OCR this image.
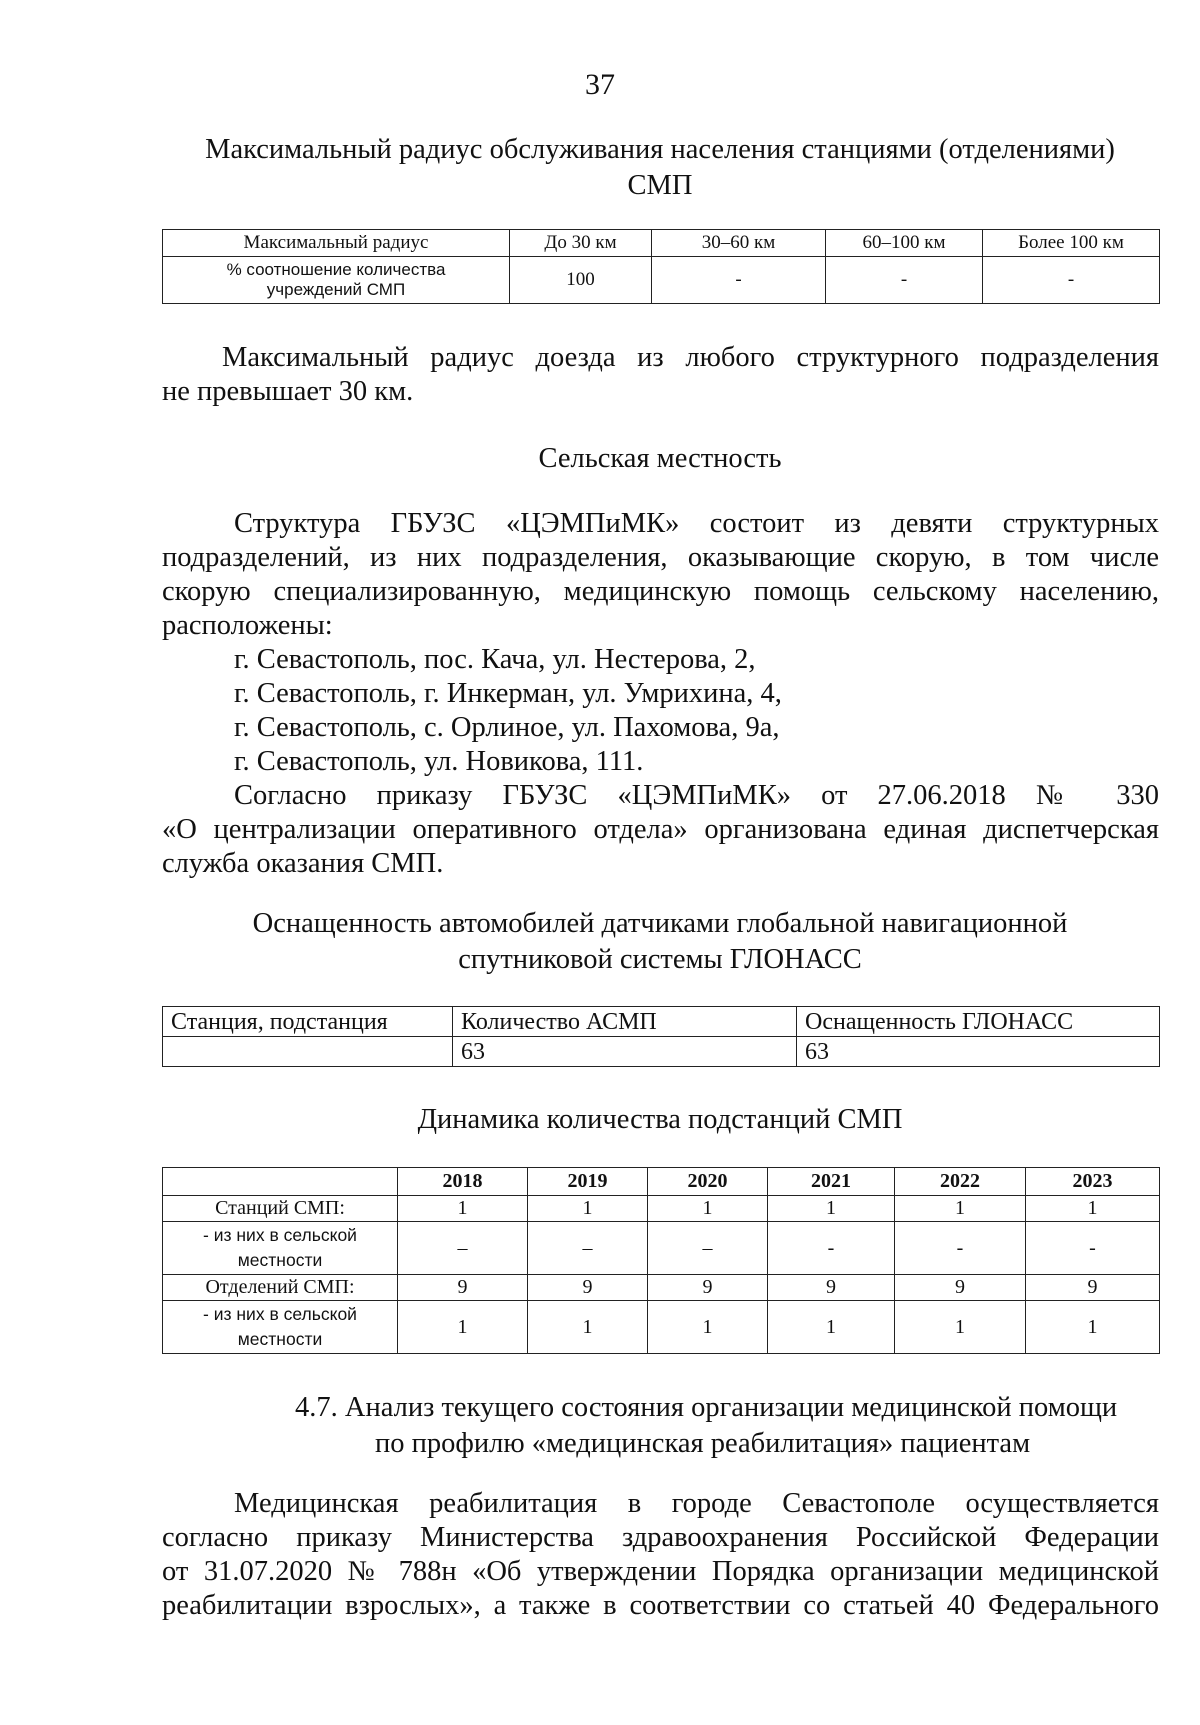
37
Максимальный радиус обслуживания населения станциями (отделениями)
СМП
Максимальный радиус	До 30 км	30–60 км	60–100 км	Более 100 км

% соотношение количества
учреждений СМП	100	-	-	-
Максимальный радиус доезда из любого структурного подразделения
не превышает 30 км.
Сельская местность
Структура ГБУЗС «ЦЭМПиМК» состоит из девяти структурных
подразделений, из них подразделения, оказывающие скорую, в том числе
скорую специализированную, медицинскую помощь сельскому населению,
расположены:
г. Севастополь, пос. Кача, ул. Нестерова, 2,
г. Севастополь, г. Инкерман, ул. Умрихина, 4,
г. Севастополь, с. Орлиное, ул. Пахомова, 9а,
г. Севастополь, ул. Новикова, 111.
Согласно приказу ГБУЗС «ЦЭМПиМК» от 27.06.2018 № 330
«О централизации оперативного отдела» организована единая диспетчерская
служба оказания СМП.
Оснащенность автомобилей датчиками глобальной навигационной
спутниковой системы ГЛОНАСС
Станция, подстанция	Количество АСМП	Оснащенность ГЛОНАСС
	63	63
Динамика количества подстанций СМП
	2018	2019	2020	2021	2022	2023
Станций СМП:	1	1	1	1	1	1

- из них в сельской
местности	–	–	–	-	-	-
Отделений СМП:	9	9	9	9	9	9

- из них в сельской
местности	1	1	1	1	1	1
4.7. Анализ текущего состояния организации медицинской помощи
по профилю «медицинская реабилитация» пациентам
Медицинская реабилитация в городе Севастополе осуществляется
согласно приказу Министерства здравоохранения Российской Федерации
от 31.07.2020 № 788н «Об утверждении Порядка организации медицинской
реабилитации взрослых», а также в соответствии со статьей 40 Федерального
